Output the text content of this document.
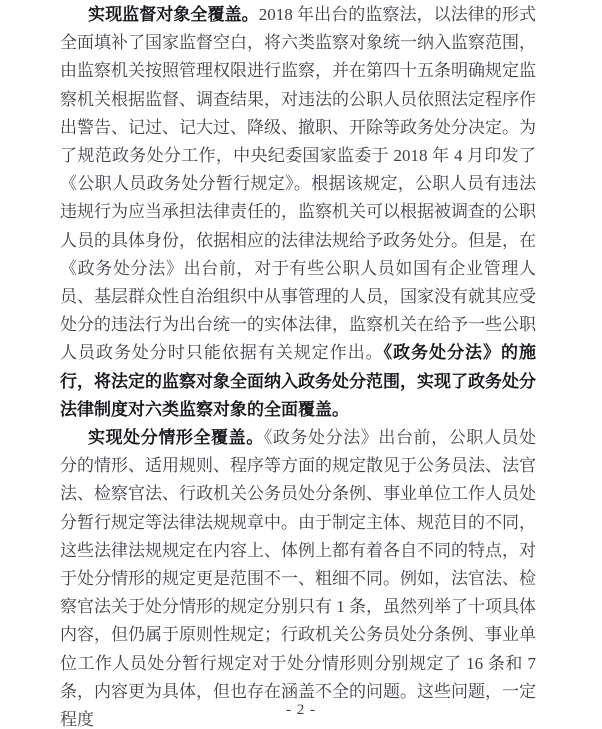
实现监督对象全覆盖。2018 年出台的监察法，以法律的形式全面填补了国家监督空白，将六类监察对象统一纳入监察范围，由监察机关按照管理权限进行监察，并在第四十五条明确规定监察机关根据监督、调查结果，对违法的公职人员依照法定程序作出警告、记过、记大过、降级、撤职、开除等政务处分决定。为了规范政务处分工作，中央纪委国家监委于 2018 年 4 月印发了《公职人员政务处分暂行规定》。根据该规定，公职人员有违法违规行为应当承担法律责任的，监察机关可以根据被调查的公职人员的具体身份，依据相应的法律法规给予政务处分。但是，在《政务处分法》出台前，对于有些公职人员如国有企业管理人员、基层群众性自治组织中从事管理的人员，国家没有就其应受处分的违法行为出台统一的实体法律，监察机关在给予一些公职人员政务处分时只能依据有关规定作出。《政务处分法》的施行，将法定的监察对象全面纳入政务处分范围，实现了政务处分法律制度对六类监察对象的全面覆盖。

实现处分情形全覆盖。《政务处分法》出台前，公职人员处分的情形、适用规则、程序等方面的规定散见于公务员法、法官法、检察官法、行政机关公务员处分条例、事业单位工作人员处分暂行规定等法律法规规章中。由于制定主体、规范目的不同，这些法律法规规定在内容上、体例上都有着各自不同的特点，对于处分情形的规定更是范围不一、粗细不同。例如，法官法、检察官法关于处分情形的规定分别只有 1 条，虽然列举了十项具体内容，但仍属于原则性规定；行政机关公务员处分条例、事业单位工作人员处分暂行规定对于处分情形则分别规定了 16 条和 7 条，内容更为具体，但也存在涵盖不全的问题。这些问题，一定程度

- 2 -
